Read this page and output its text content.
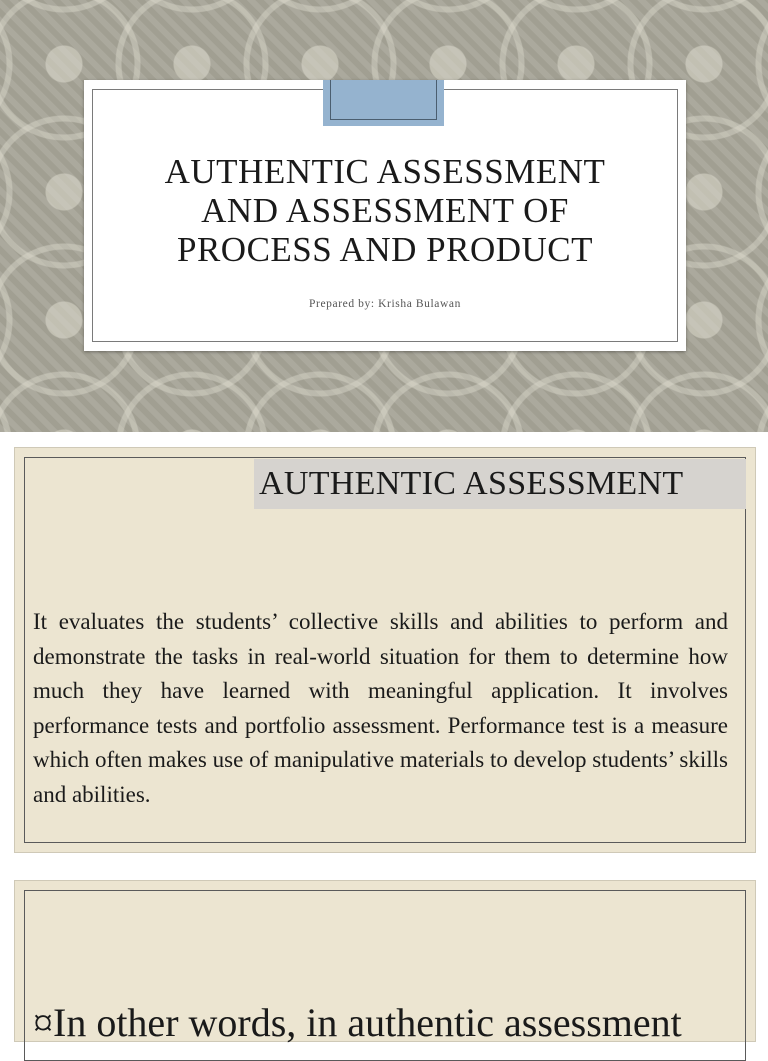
AUTHENTIC ASSESSMENT
AND ASSESSMENT OF
PROCESS AND PRODUCT
Prepared by: Krisha Bulawan
AUTHENTIC ASSESSMENT
It evaluates the students’ collective skills and abilities to perform and demonstrate the tasks in real-world situation for them to determine how much they have learned with meaningful application. It involves performance tests and portfolio assessment. Performance test is a measure which often makes use of manipulative materials to develop students’ skills and abilities.
¤In other words, in authentic assessment
